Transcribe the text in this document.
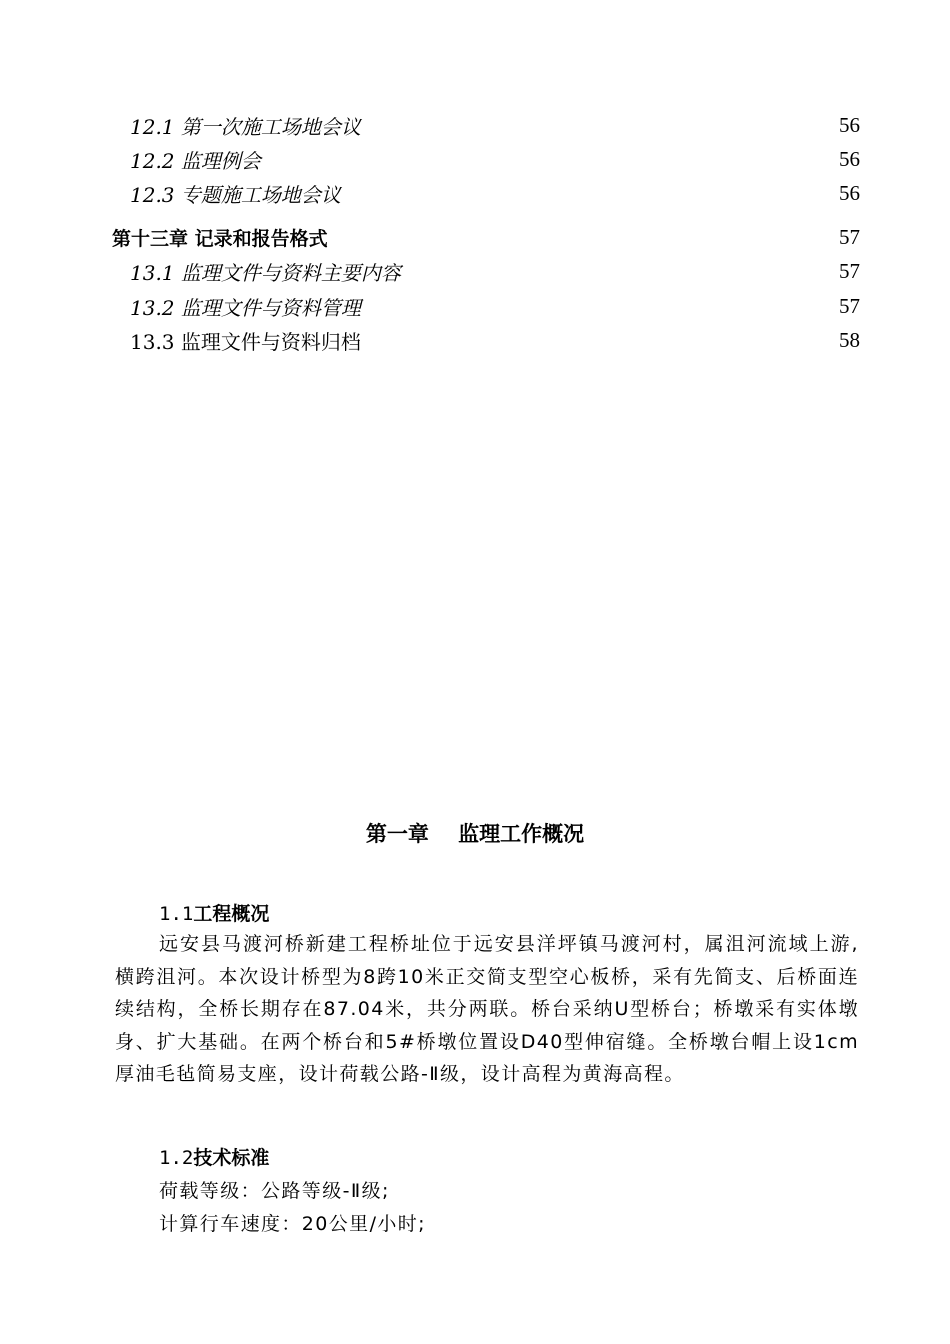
12.1 第一次施工场地会议	56
12.2 监理例会	56
12.3 专题施工场地会议	56
第十三章 记录和报告格式	57
13.1 监理文件与资料主要内容	57
13.2 监理文件与资料管理	57
13.3 监理文件与资料归档	58
第一章    监理工作概况
1.1工程概况
远安县马渡河桥新建工程桥址位于远安县洋坪镇马渡河村，属沮河流域上游,横跨沮河。本次设计桥型为8跨10米正交简支型空心板桥，采有先简支、后桥面连续结构，全桥长期存在87.04米，共分两联。桥台采纳U型桥台；桥墩采有实体墩身、扩大基础。在两个桥台和5#桥墩位置设D40型伸宿缝。全桥墩台帽上设1cm厚油毛毡简易支座，设计荷载公路-Ⅱ级，设计高程为黄海高程。
1.2技术标准
荷载等级：公路等级-Ⅱ级;
计算行车速度：20公里/小时;
